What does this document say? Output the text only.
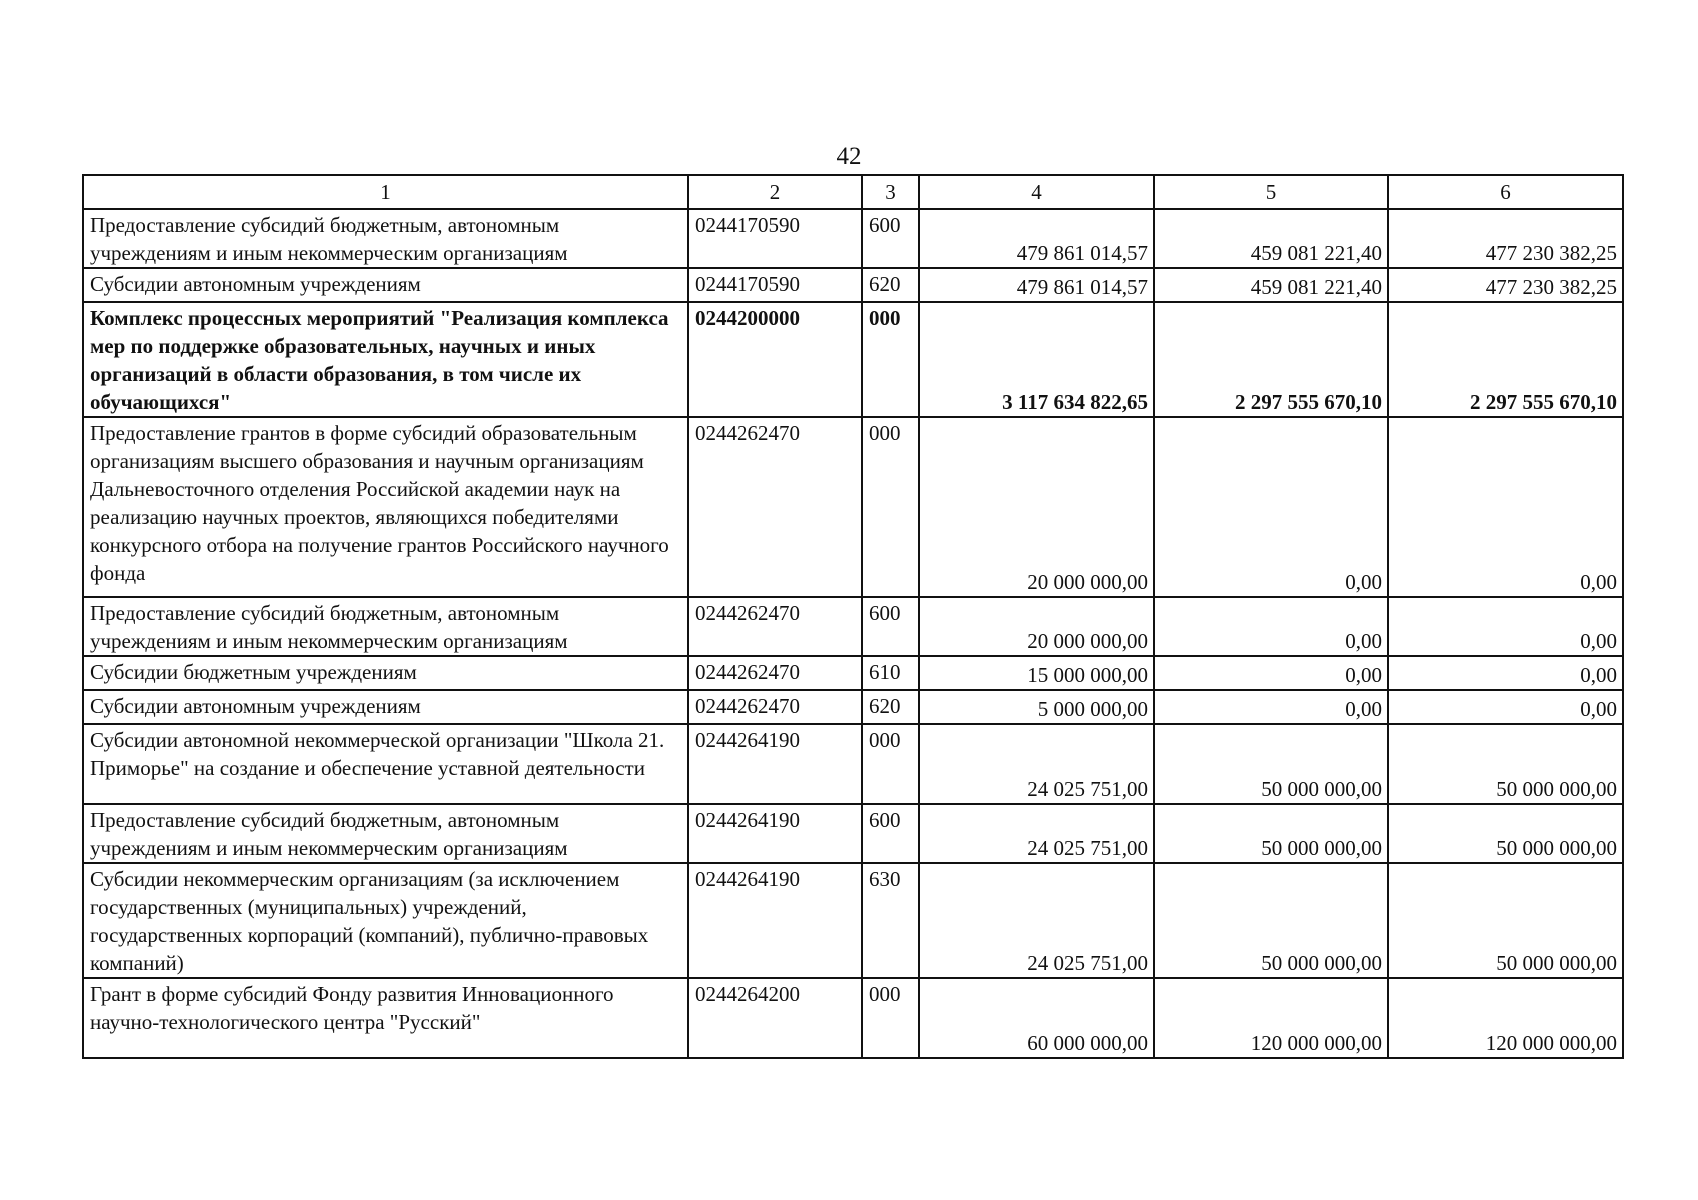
42
1	2	3	4	5	6
Предоставление субсидий бюджетным, автономным учреждениям и иным некоммерческим организациям	0244170590	600	479 861 014,57	459 081 221,40	477 230 382,25
Субсидии автономным учреждениям	0244170590	620	479 861 014,57	459 081 221,40	477 230 382,25
Комплекс процессных мероприятий "Реализация комплекса мер по поддержке образовательных, научных и иных организаций в области образования, в том числе их обучающихся"	0244200000	000	3 117 634 822,65	2 297 555 670,10	2 297 555 670,10
Предоставление грантов в форме субсидий образовательным организациям высшего образования и научным организациям Дальневосточного отделения Российской академии наук на реализацию научных проектов, являющихся победителями конкурсного отбора на получение грантов Российского научного фонда	0244262470	000	20 000 000,00	0,00	0,00
Предоставление субсидий бюджетным, автономным учреждениям и иным некоммерческим организациям	0244262470	600	20 000 000,00	0,00	0,00
Субсидии бюджетным учреждениям	0244262470	610	15 000 000,00	0,00	0,00
Субсидии автономным учреждениям	0244262470	620	5 000 000,00	0,00	0,00
Субсидии автономной некоммерческой организации "Школа 21. Приморье" на создание и обеспечение уставной деятельности	0244264190	000	24 025 751,00	50 000 000,00	50 000 000,00
Предоставление субсидий бюджетным, автономным учреждениям и иным некоммерческим организациям	0244264190	600	24 025 751,00	50 000 000,00	50 000 000,00
Субсидии некоммерческим организациям (за исключением государственных (муниципальных) учреждений, государственных корпораций (компаний), публично-правовых компаний)	0244264190	630	24 025 751,00	50 000 000,00	50 000 000,00
Грант в форме субсидий Фонду развития Инновационного научно-технологического центра "Русский"	0244264200	000	60 000 000,00	120 000 000,00	120 000 000,00
